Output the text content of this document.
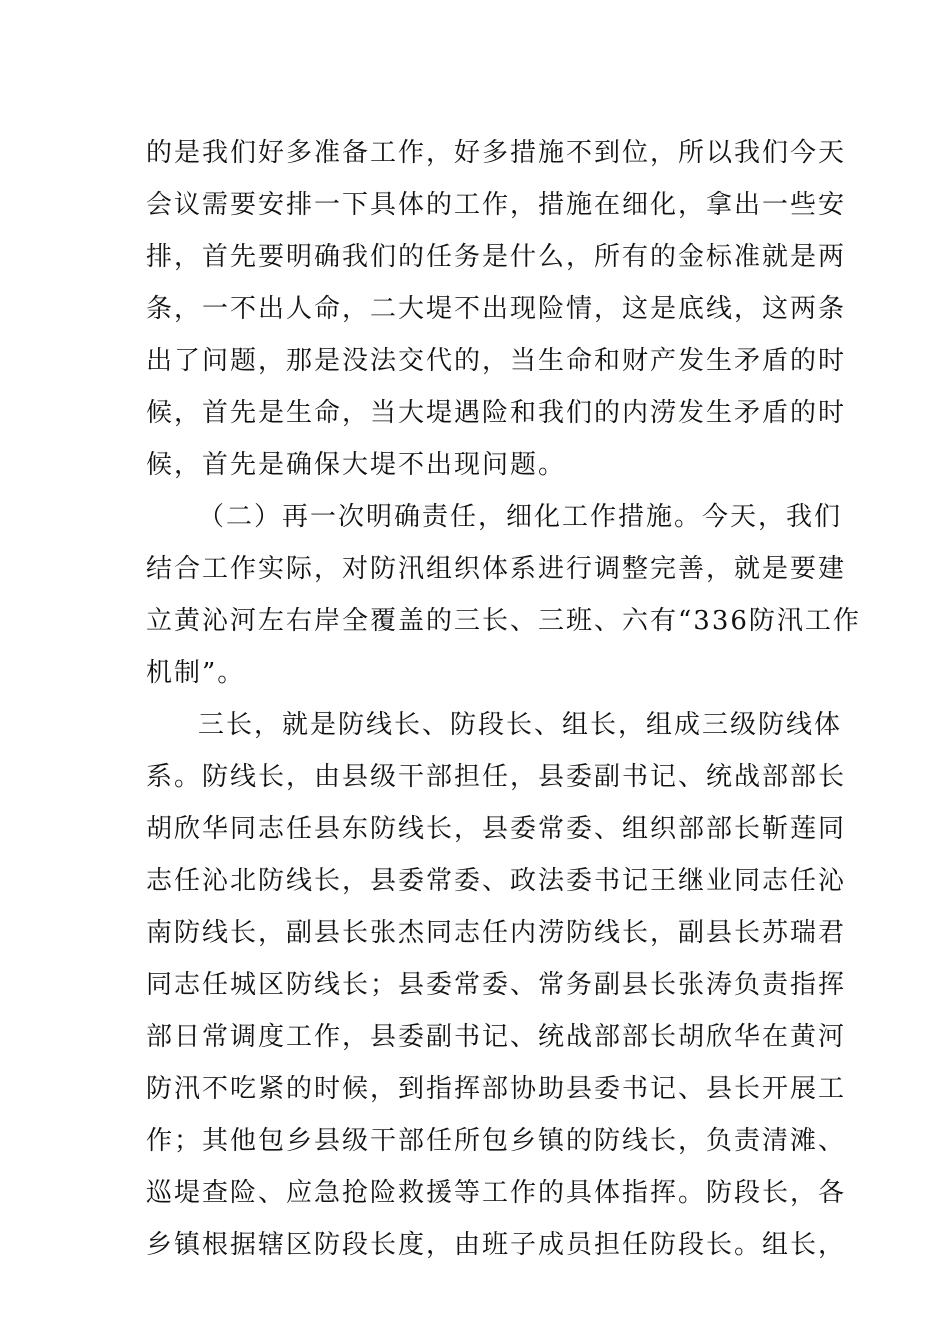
的是我们好多准备工作，好多措施不到位，所以我们今天
会议需要安排一下具体的工作，措施在细化，拿出一些安
排，首先要明确我们的任务是什么，所有的金标准就是两
条，一不出人命，二大堤不出现险情，这是底线，这两条
出了问题，那是没法交代的，当生命和财产发生矛盾的时
候，首先是生命，当大堤遇险和我们的内涝发生矛盾的时
候，首先是确保大堤不出现问题。
（二）再一次明确责任，细化工作措施。今天，我们
结合工作实际，对防汛组织体系进行调整完善，就是要建
立黄沁河左右岸全覆盖的三长、三班、六有“336防汛工作
机制”。
三长，就是防线长、防段长、组长，组成三级防线体
系。防线长，由县级干部担任，县委副书记、统战部部长
胡欣华同志任县东防线长，县委常委、组织部部长靳莲同
志任沁北防线长，县委常委、政法委书记王继业同志任沁
南防线长，副县长张杰同志任内涝防线长，副县长苏瑞君
同志任城区防线长；县委常委、常务副县长张涛负责指挥
部日常调度工作，县委副书记、统战部部长胡欣华在黄河
防汛不吃紧的时候，到指挥部协助县委书记、县长开展工
作；其他包乡县级干部任所包乡镇的防线长，负责清滩、
巡堤查险、应急抢险救援等工作的具体指挥。防段长，各
乡镇根据辖区防段长度，由班子成员担任防段长。组长，
